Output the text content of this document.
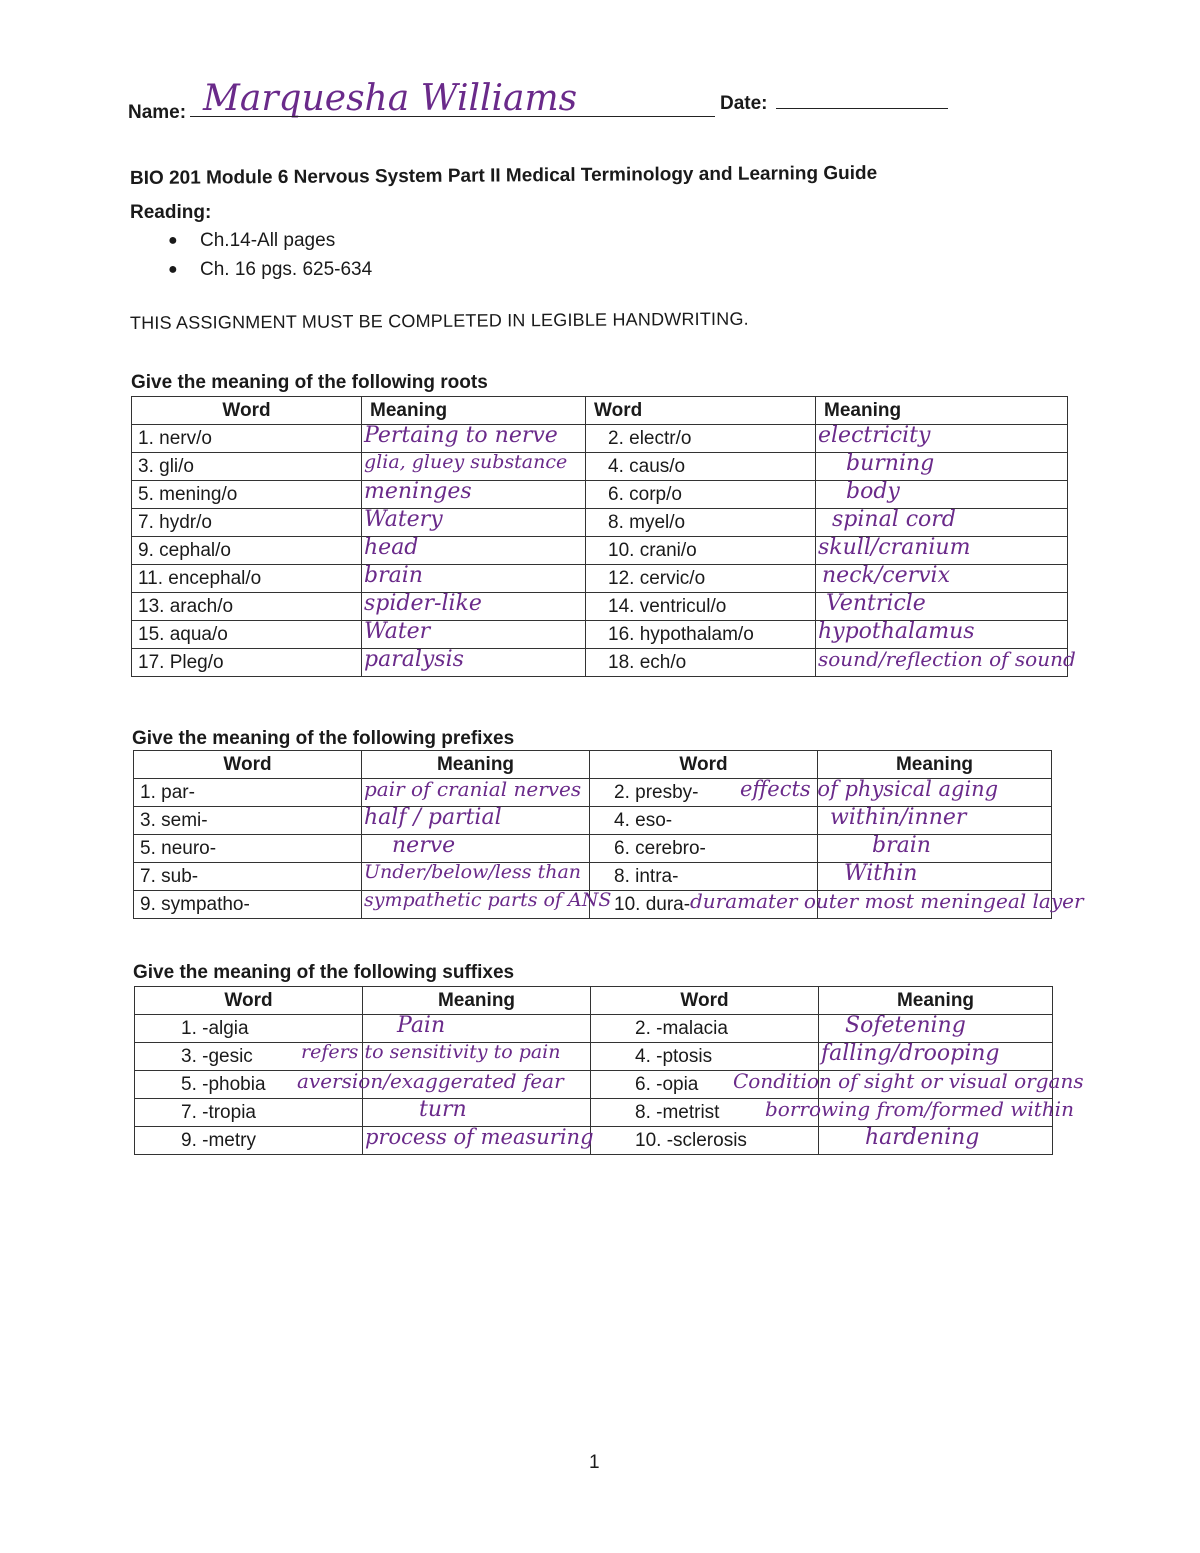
Name: Marquesha Williams	Date:
BIO 201 Module 6 Nervous System Part II Medical Terminology and Learning Guide
Reading:
● Ch.14-All pages
● Ch. 16 pgs. 625-634
THIS ASSIGNMENT MUST BE COMPLETED IN LEGIBLE HANDWRITING.
Give the meaning of the following roots
Word	Meaning	Word	Meaning
1. nerv/o	Pertaing to nerve	2. electr/o	electricity

3. gli/o	glia, gluey substance	4. caus/o	burning

5. mening/o	meninges	6. corp/o	body

7. hydr/o	Watery	8. myel/o	spinal cord

9. cephal/o	head	10. crani/o	skull/cranium

11. encephal/o	brain	12. cervic/o	neck/cervix

13. arach/o	spider-like	14. ventricul/o	Ventricle

15. aqua/o	Water	16. hypothalam/o	hypothalamus

17. Pleg/o	paralysis	18. ech/o	sound/reflection of sound
Give the meaning of the following prefixes
Word	Meaning	Word	Meaning
1. par-	pair of cranial nerves	2. presby-	effects of physical aging

3. semi-	half / partial	4. eso-	within/inner

5. neuro-	nerve	6. cerebro-	brain

7. sub-	Under/below/less than	8. intra-	Within

9. sympatho-	sympathetic parts of ANS	10. dura-	duramater outer most meningeal layer
Give the meaning of the following suffixes
Word	Meaning	Word	Meaning
1. -algia	Pain	2. -malacia	Sofetening

3. -gesic	refers to sensitivity to pain	4. -ptosis	falling/drooping

5. -phobia	aversion/exaggerated fear	6. -opia	Condition of sight or visual organs

7. -tropia	turn	8. -metrist	borrowing from/formed within

9. -metry	process of measuring	10. -sclerosis	hardening
1
